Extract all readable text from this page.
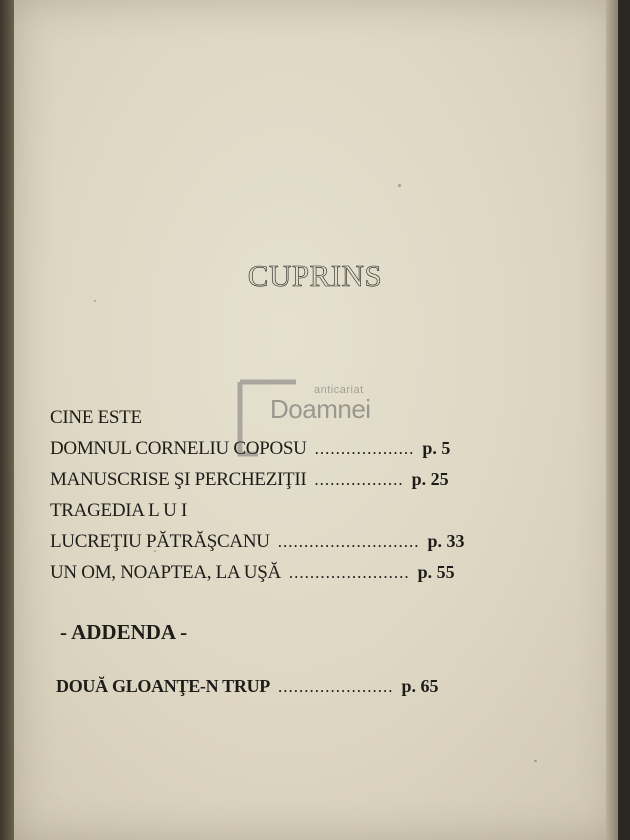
CUPRINS
anticariat
Doamnei
CINE ESTE
DOMNUL CORNELIU COPOSU ................... p. 5
MANUSCRISE ŞI PERCHEZIŢII ................. p. 25
TRAGEDIA L U I
LUCREŢIU PĂTRĂŞCANU ........................... p. 33
UN OM, NOAPTEA, LA UŞĂ ....................... p. 55
- ADDENDA -
DOUĂ GLOANŢE-N TRUP ...................... p. 65
